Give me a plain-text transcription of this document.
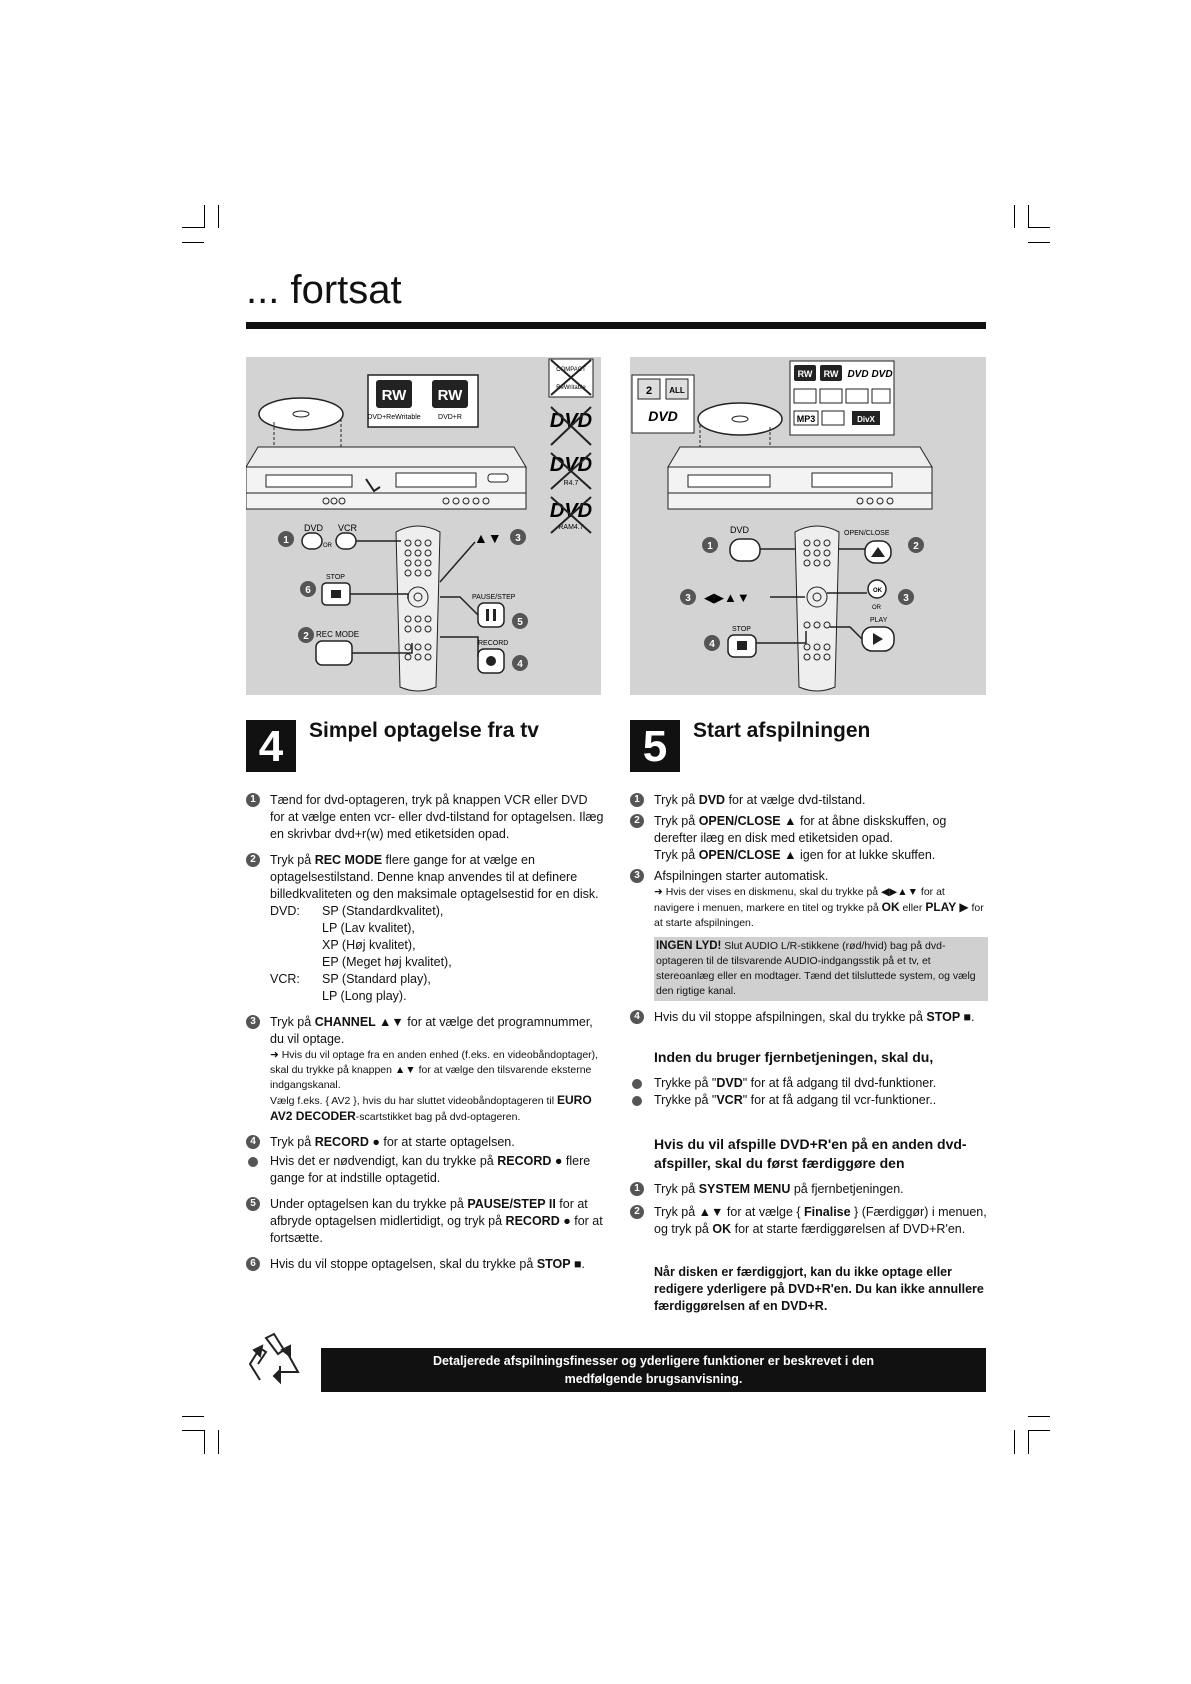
... fortsat
RW
DVD+ReWritable
RW
DVD+R
COMPACT
ReWritable
DVD
DVD
R4.7
DVD
RAM4.7
DVD VCR
OR
STOP
REC MODE
PAUSE/STEP
RECORD
▲▼
1
6
2
3
5
4
2 ALL
DVD
RW RW DVD DVD
MP3	DivX
DVD	OPEN/CLOSE
OK
OR
PLAY
STOP
◀▶▲▼
1	2
3	3
4
4	Simpel optagelse fra tv
1	Tænd for dvd-optageren, tryk på knappen VCR eller DVD for at vælge enten vcr- eller dvd-tilstand for optagelsen. Ilæg en skrivbar dvd+r(w) med etiketsiden opad.
2	Tryk på REC MODE flere gange for at vælge en optagelsestilstand. Denne knap anvendes til at definere billedkvaliteten og den maksimale optagelsestid for en disk.
DVD:	SP (Standardkvalitet),
LP (Lav kvalitet),
XP (Høj kvalitet),
EP (Meget høj kvalitet),
VCR:	SP (Standard play),
LP (Long play).
3	Tryk på CHANNEL ▲▼ for at vælge det programnummer, du vil optage.
➜ Hvis du vil optage fra en anden enhed (f.eks. en videobåndoptager), skal du trykke på knappen ▲▼ for at vælge den tilsvarende eksterne indgangskanal.
Vælg f.eks. { AV2 }, hvis du har sluttet videobåndoptageren til EURO AV2 DECODER-scartstikket bag på dvd-optageren.
4	Tryk på RECORD ● for at starte optagelsen.
Hvis det er nødvendigt, kan du trykke på RECORD ● flere gange for at indstille optagetid.
5	Under optagelsen kan du trykke på PAUSE/STEP II for at afbryde optagelsen midlertidigt, og tryk på RECORD ● for at fortsætte.
6	Hvis du vil stoppe optagelsen, skal du trykke på STOP ■.
5	Start afspilningen
1	Tryk på DVD for at vælge dvd-tilstand.
2	Tryk på OPEN/CLOSE ▲ for at åbne diskskuffen, og derefter ilæg en disk med etiketsiden opad.
Tryk på OPEN/CLOSE ▲ igen for at lukke skuffen.
3	Afspilningen starter automatisk.
➜ Hvis der vises en diskmenu, skal du trykke på ◀▶▲▼ for at navigere i menuen, markere en titel og trykke på OK eller PLAY ▶ for at starte afspilningen.
INGEN LYD! Slut AUDIO L/R-stikkene (rød/hvid) bag på dvd-optageren til de tilsvarende AUDIO-indgangsstik på et tv, et stereoanlæg eller en modtager. Tænd det tilsluttede system, og vælg den rigtige kanal.
4	Hvis du vil stoppe afspilningen, skal du trykke på STOP ■.
Inden du bruger fjernbetjeningen, skal du,
Trykke på "DVD" for at få adgang til dvd-funktioner.
Trykke på "VCR" for at få adgang til vcr-funktioner..
Hvis du vil afspille DVD+R'en på en anden dvd-afspiller, skal du først færdiggøre den
1	Tryk på SYSTEM MENU på fjernbetjeningen.
2	Tryk på ▲▼ for at vælge { Finalise } (Færdiggør) i menuen, og tryk på OK for at starte færdiggørelsen af DVD+R'en.
Når disken er færdiggjort, kan du ikke optage eller redigere yderligere på DVD+R'en. Du kan ikke annullere færdiggørelsen af en DVD+R.
Detaljerede afspilningsfinesser og yderligere funktioner er beskrevet i den
medfølgende brugsanvisning.
